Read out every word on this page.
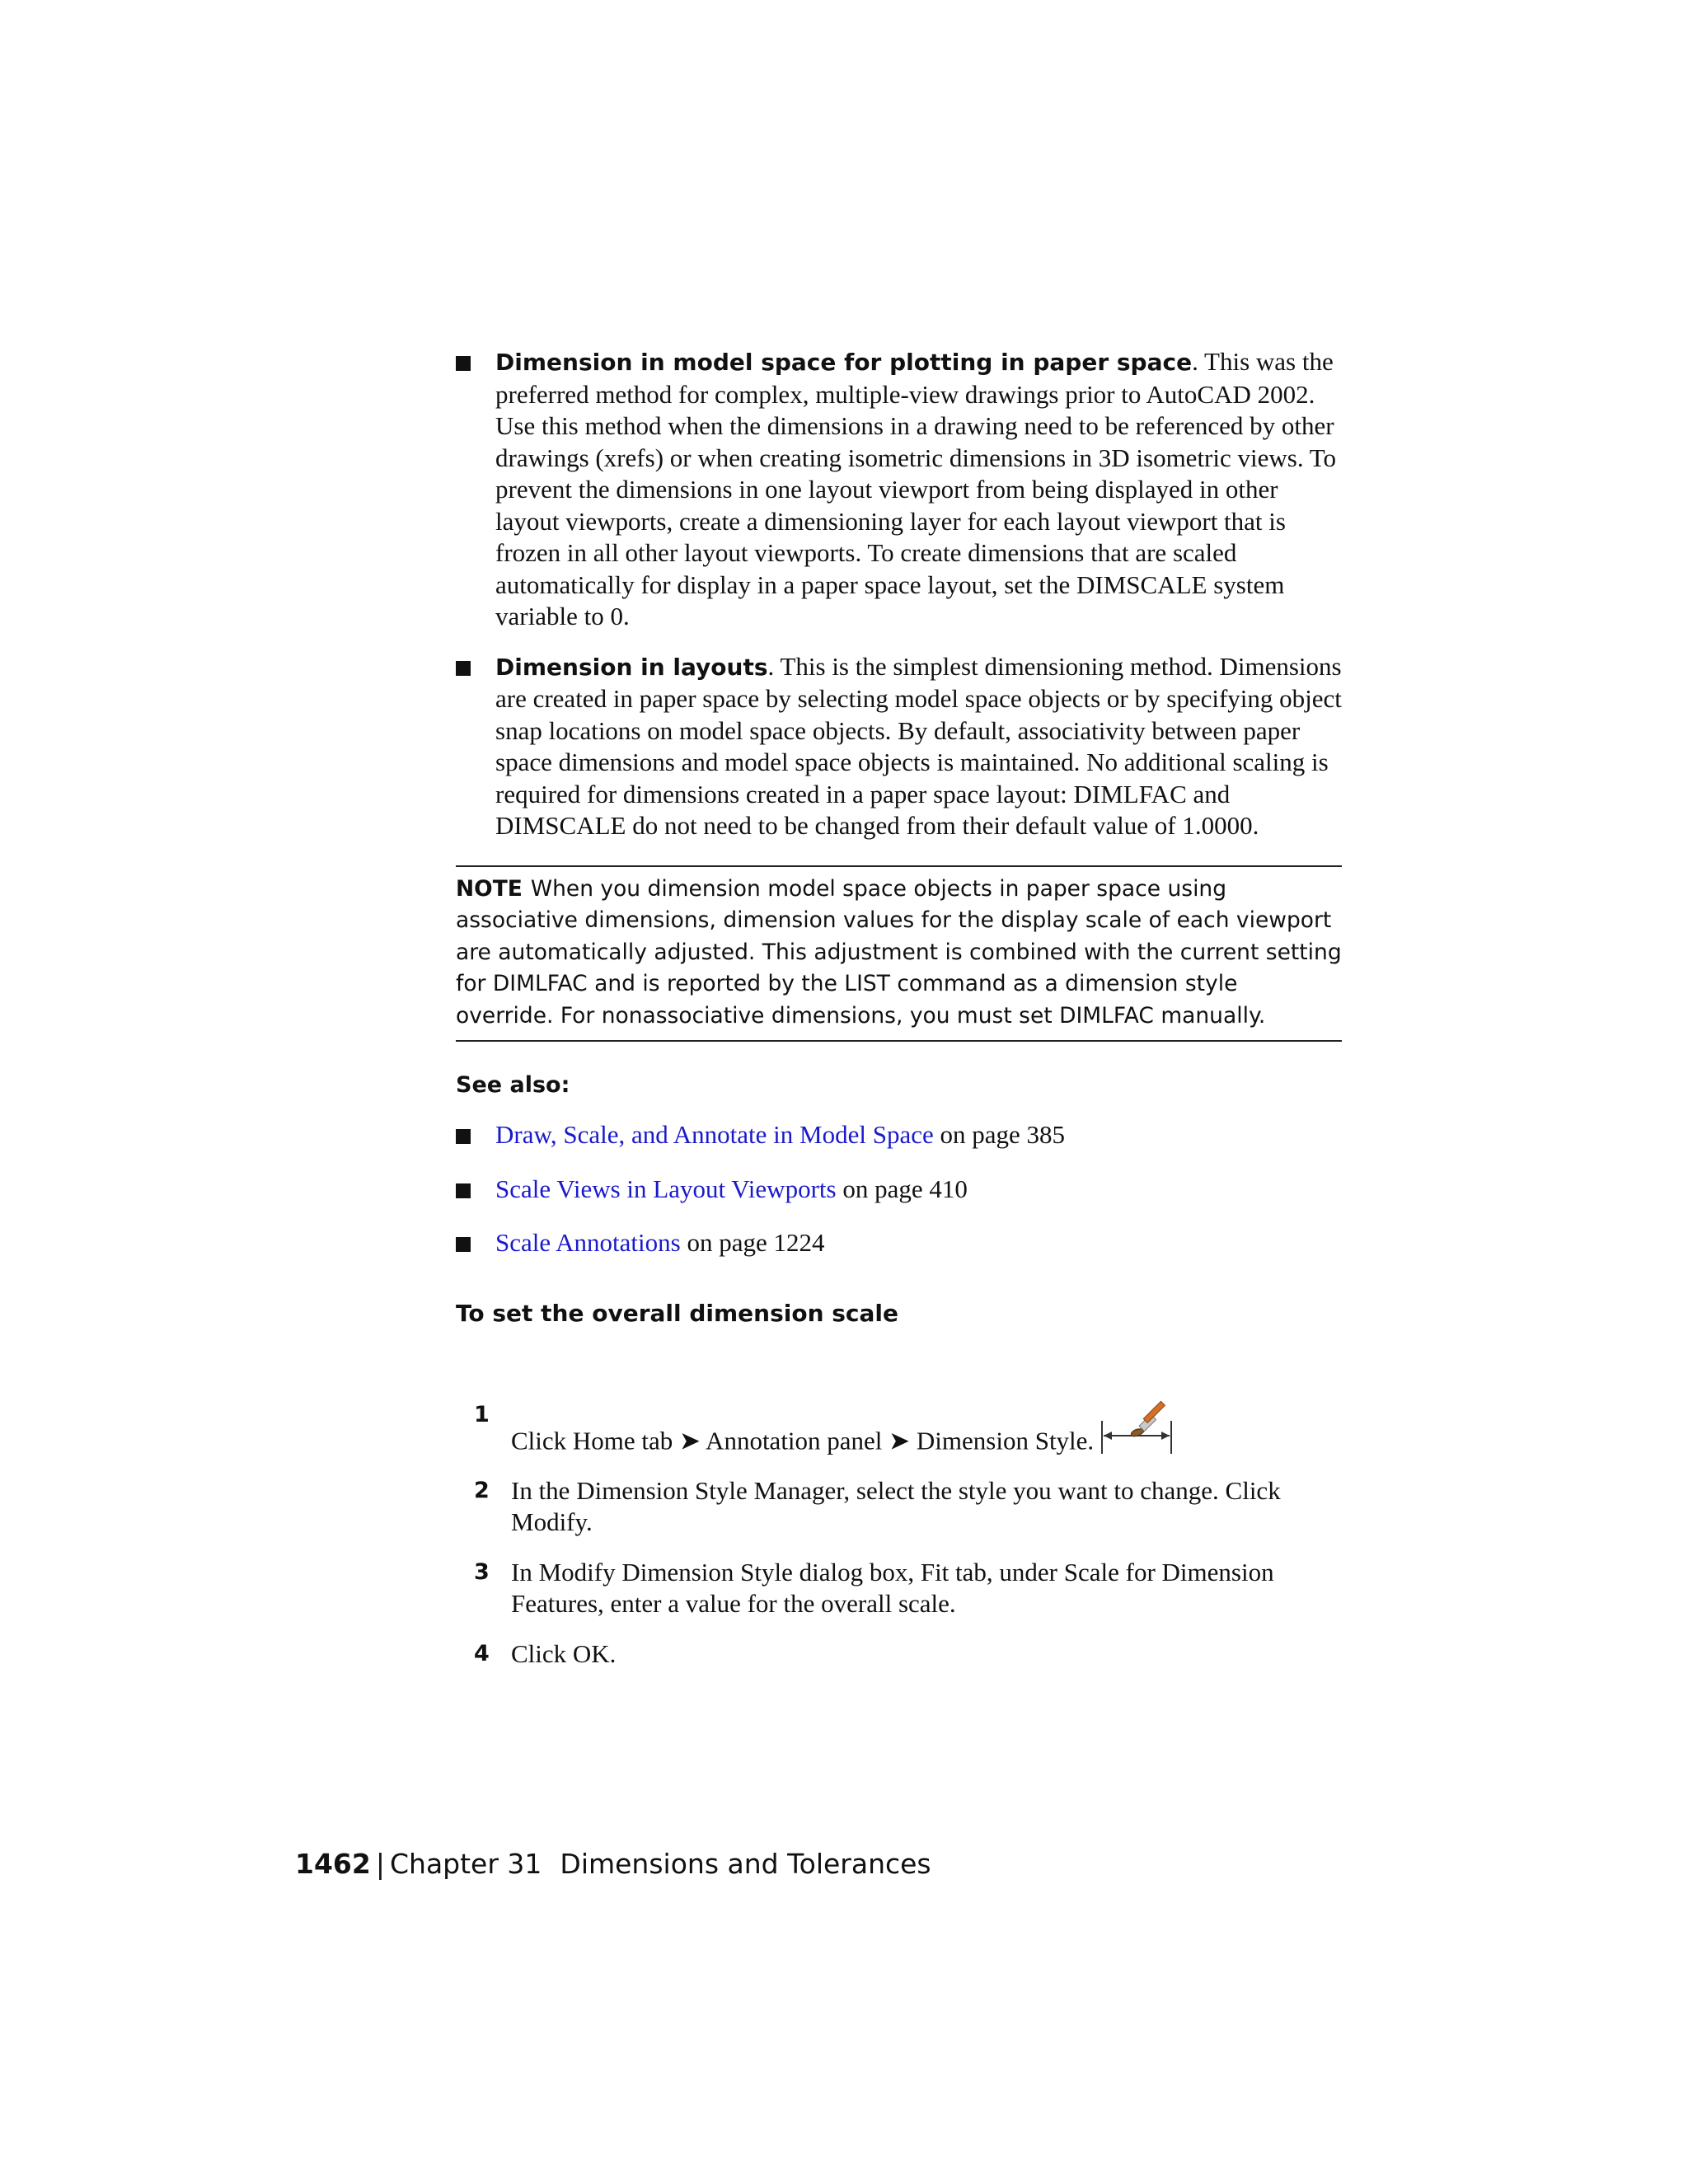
Dimension in model space for plotting in paper space. This was the preferred method for complex, multiple-view drawings prior to AutoCAD 2002. Use this method when the dimensions in a drawing need to be referenced by other drawings (xrefs) or when creating isometric dimensions in 3D isometric views. To prevent the dimensions in one layout viewport from being displayed in other layout viewports, create a dimensioning layer for each layout viewport that is frozen in all other layout viewports. To create dimensions that are scaled automatically for display in a paper space layout, set the DIMSCALE system variable to 0.
Dimension in layouts. This is the simplest dimensioning method. Dimensions are created in paper space by selecting model space objects or by specifying object snap locations on model space objects. By default, associativity between paper space dimensions and model space objects is maintained. No additional scaling is required for dimensions created in a paper space layout: DIMLFAC and DIMSCALE do not need to be changed from their default value of 1.0000.
NOTE When you dimension model space objects in paper space using associative dimensions, dimension values for the display scale of each viewport are automatically adjusted. This adjustment is combined with the current setting for DIMLFAC and is reported by the LIST command as a dimension style override. For nonassociative dimensions, you must set DIMLFAC manually.
See also:
Draw, Scale, and Annotate in Model Space on page 385
Scale Views in Layout Viewports on page 410
Scale Annotations on page 1224
To set the overall dimension scale
1
Click Home tab ➤ Annotation panel ➤ Dimension Style.
2 In the Dimension Style Manager, select the style you want to change. Click Modify.
3 In Modify Dimension Style dialog box, Fit tab, under Scale for Dimension Features, enter a value for the overall scale.
4 Click OK.
1462 | Chapter 31 Dimensions and Tolerances
